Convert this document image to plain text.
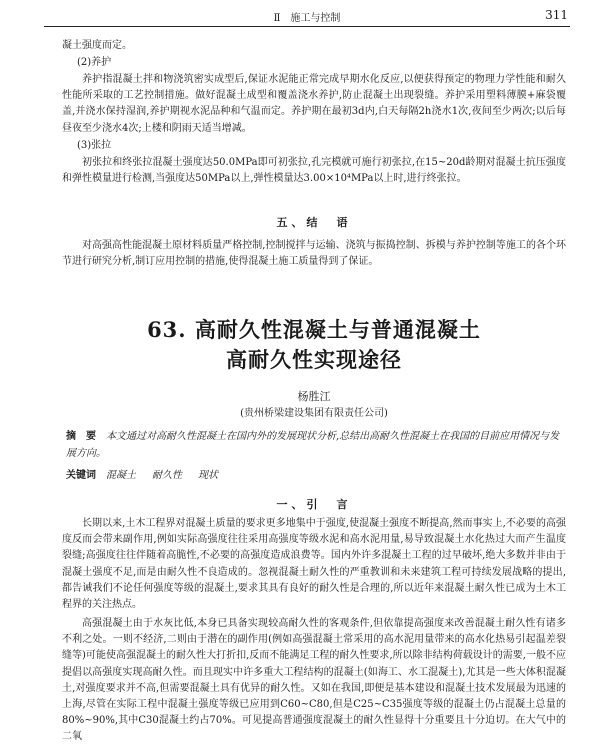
Ⅱ　施工与控制	311
凝土强度而定。
(2)养护
养护指混凝土拌和物浇筑密实成型后,保证水泥能正常完成早期水化反应,以便获得预定的物理力学性能和耐久性能所采取的工艺控制措施。做好混凝土成型和覆盖浇水养护,防止混凝土出现裂缝。养护采用塑料薄膜+麻袋覆盖,并浇水保持湿润,养护期视水泥品种和气温而定。养护期在最初3d内,白天每隔2h浇水1次,夜间至少两次;以后每昼夜至少浇水4次;上楼和阴雨天适当增减。
(3)张拉
初张拉和终张拉混凝土强度达50.0MPa即可初张拉,孔完模就可施行初张拉,在15~20d龄期对混凝土抗压强度和弹性模量进行检测,当强度达50MPa以上,弹性模量达3.00×10⁴MPa以上时,进行终张拉。
五、结　语
对高强高性能混凝土原材料质量严格控制,控制搅拌与运输、浇筑与振捣控制、拆模与养护控制等施工的各个环节进行研究分析,制订应用控制的措施,使得混凝土施工质量得到了保证。
63. 高耐久性混凝土与普通混凝土
高耐久性实现途径
杨胜江
(贵州桥梁建设集团有限责任公司)
摘　要 本文通过对高耐久性混凝土在国内外的发展现状分析,总结出高耐久性混凝土在我国的目前应用情况与发展方向。
关键词 混凝土 耐久性 现状
一、引　言
长期以来,土木工程界对混凝土质量的要求更多地集中于强度,使混凝土强度不断提高,然而事实上,不必要的高强度反而会带来副作用,例如实际高强度往往采用高强度等级水泥和高水泥用量,易导致混凝土水化热过大而产生温度裂缝;高强度往往伴随着高脆性,不必要的高强度造成浪费等。国内外许多混凝土工程的过早破坏,绝大多数并非由于混凝土强度不足,而是由耐久性不良造成的。忽视混凝土耐久性的严重教训和未来建筑工程可持续发展战略的提出,都告诫我们不论任何强度等级的混凝土,要求其具有良好的耐久性是合理的,所以近年来混凝土耐久性已成为土木工程界的关注热点。
高强混凝土由于水灰比低,本身已具备实现较高耐久性的客观条件,但依靠提高强度来改善混凝土耐久性有诸多不利之处。一则不经济,二则由于潜在的副作用(例如高强混凝土常采用的高水泥用量带来的高水化热易引起温差裂缝等)可能使高强混凝土的耐久性大打折扣,反而不能满足工程的耐久性要求,所以除非结构荷载设计的需要,一般不应提倡以高强度实现高耐久性。而且现实中许多重大工程结构的混凝土(如海工、水工混凝土),尤其是一些大体积混凝土,对强度要求并不高,但需要混凝土具有优异的耐久性。又如在我国,即便是基本建设和混凝土技术发展最为迅速的上海,尽管在实际工程中混凝土强度等级已应用到C60~C80,但是C25~C35强度等级的混凝土仍占混凝土总量的80%~90%,其中C30混凝土约占70%。可见提高普通强度混凝土的耐久性显得十分重要且十分迫切。在大气中的二氧
